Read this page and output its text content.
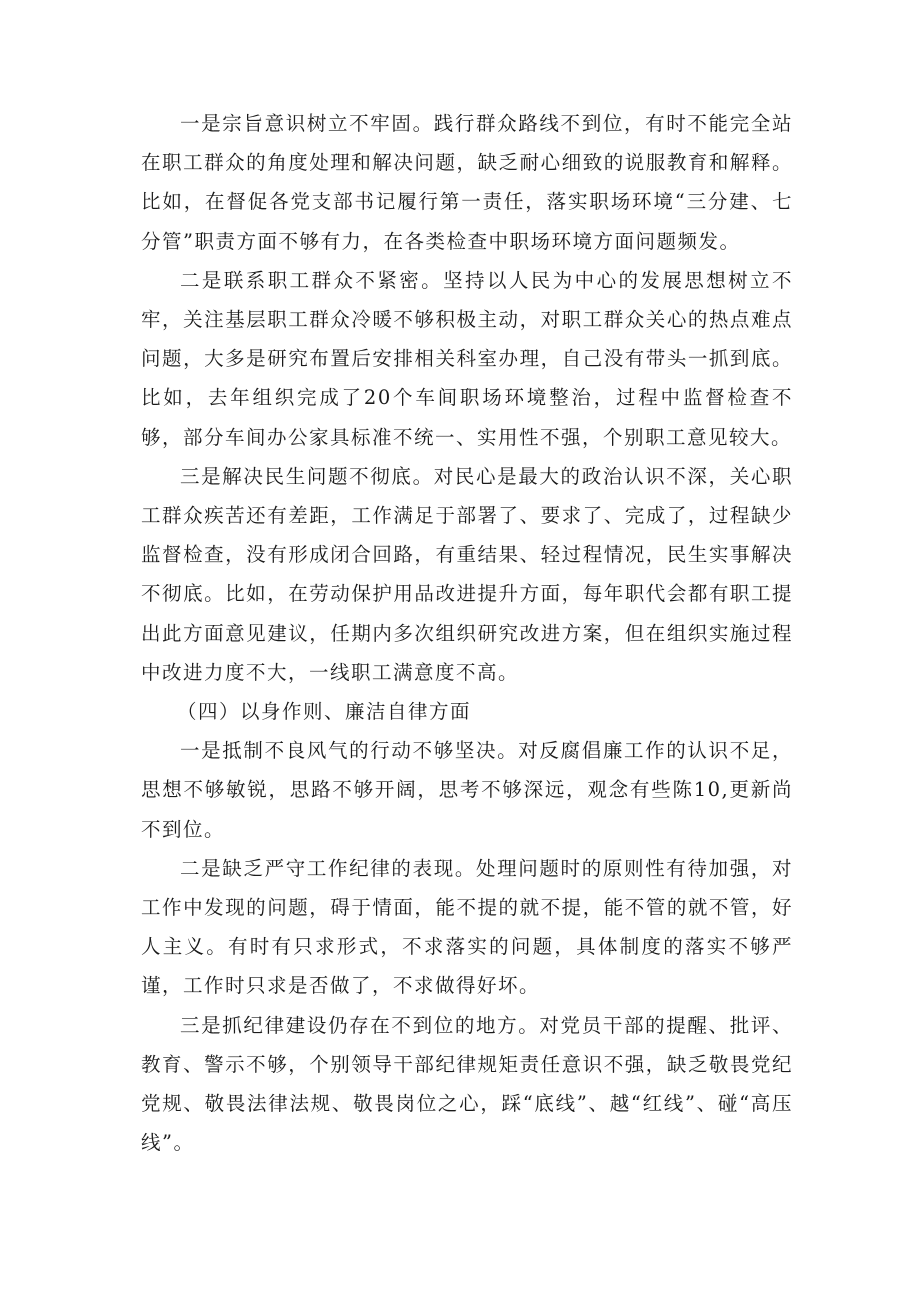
一是宗旨意识树立不牢固。践行群众路线不到位，有时不能完全站在职工群众的角度处理和解决问题，缺乏耐心细致的说服教育和解释。比如，在督促各党支部书记履行第一责任，落实职场环境“三分建、七分管”职责方面不够有力，在各类检查中职场环境方面问题频发。

二是联系职工群众不紧密。坚持以人民为中心的发展思想树立不牢，关注基层职工群众冷暖不够积极主动，对职工群众关心的热点难点问题，大多是研究布置后安排相关科室办理，自己没有带头一抓到底。比如，去年组织完成了20个车间职场环境整治，过程中监督检查不够，部分车间办公家具标准不统一、实用性不强，个别职工意见较大。

三是解决民生问题不彻底。对民心是最大的政治认识不深，关心职工群众疾苦还有差距，工作满足于部署了、要求了、完成了，过程缺少监督检查，没有形成闭合回路，有重结果、轻过程情况，民生实事解决不彻底。比如，在劳动保护用品改进提升方面，每年职代会都有职工提出此方面意见建议，任期内多次组织研究改进方案，但在组织实施过程中改进力度不大，一线职工满意度不高。

（四）以身作则、廉洁自律方面

一是抵制不良风气的行动不够坚决。对反腐倡廉工作的认识不足，思想不够敏锐，思路不够开阔，思考不够深远，观念有些陈10,更新尚不到位。

二是缺乏严守工作纪律的表现。处理问题时的原则性有待加强，对工作中发现的问题，碍于情面，能不提的就不提，能不管的就不管，好人主义。有时有只求形式，不求落实的问题，具体制度的落实不够严谨，工作时只求是否做了，不求做得好坏。

三是抓纪律建设仍存在不到位的地方。对党员干部的提醒、批评、教育、警示不够，个别领导干部纪律规矩责任意识不强，缺乏敬畏党纪党规、敬畏法律法规、敬畏岗位之心，踩“底线”、越“红线”、碰“高压线”。
